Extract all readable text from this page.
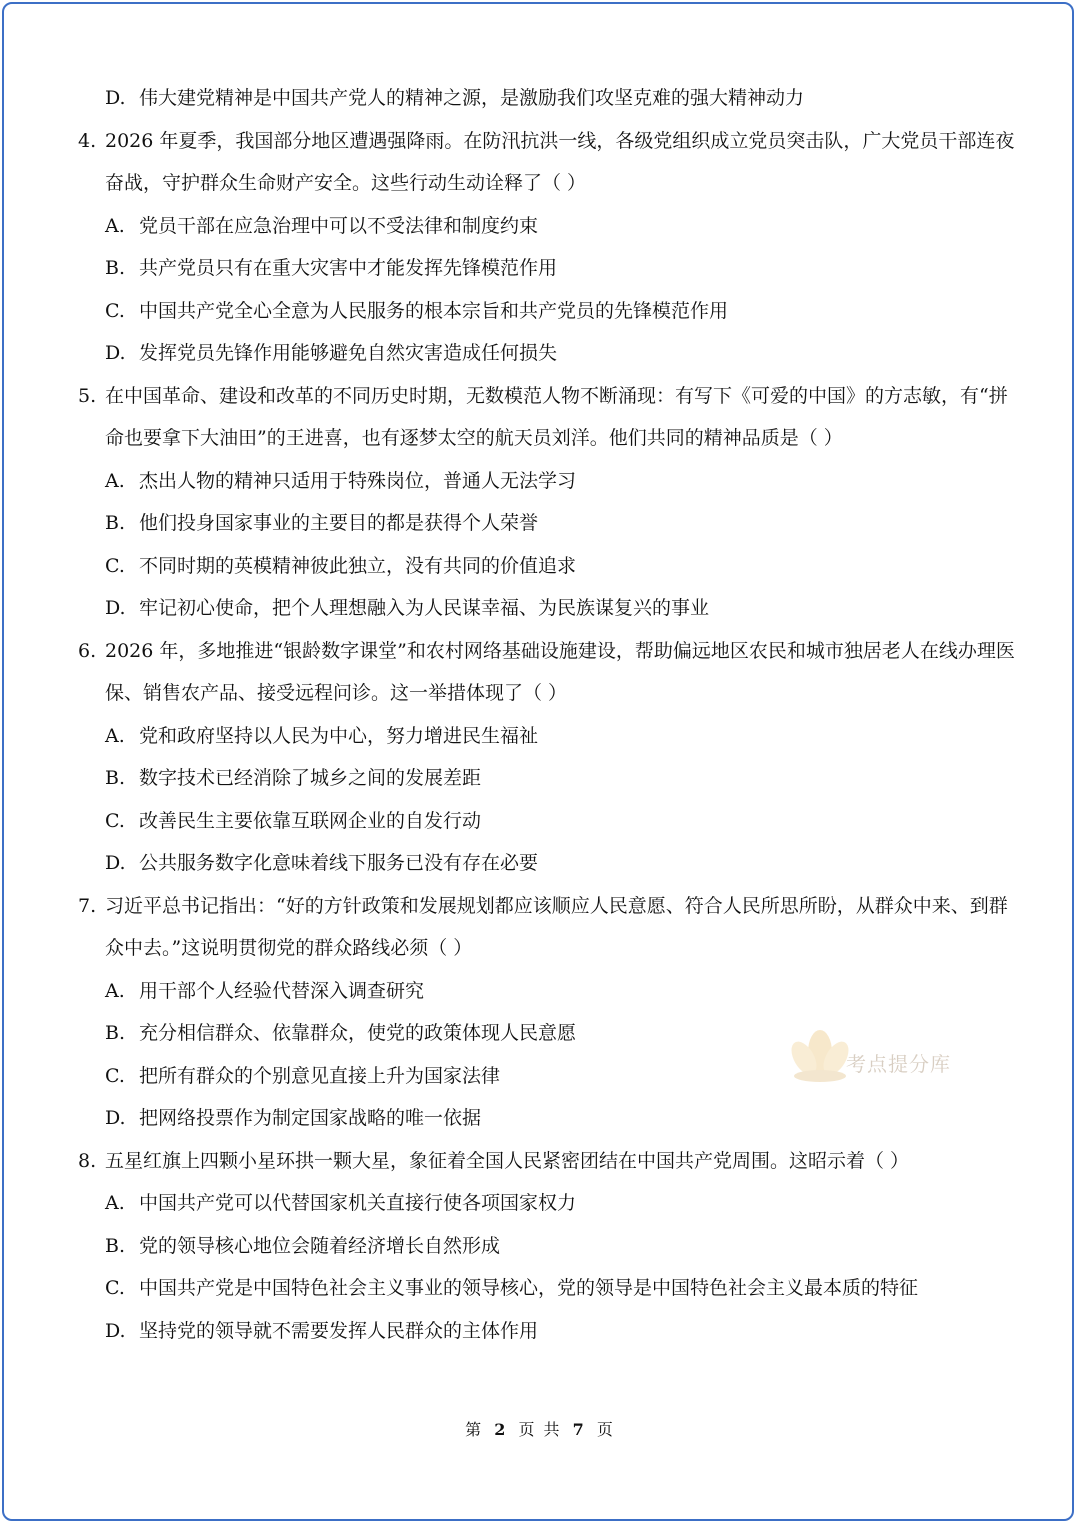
D. 伟大建党精神是中国共产党人的精神之源，是激励我们攻坚克难的强大精神动力
4. 2026 年夏季，我国部分地区遭遇强降雨。在防汛抗洪一线，各级党组织成立党员突击队，广大党员干部连夜
奋战，守护群众生命财产安全。这些行动生动诠释了（ ）
A. 党员干部在应急治理中可以不受法律和制度约束
B. 共产党员只有在重大灾害中才能发挥先锋模范作用
C. 中国共产党全心全意为人民服务的根本宗旨和共产党员的先锋模范作用
D. 发挥党员先锋作用能够避免自然灾害造成任何损失
5. 在中国革命、建设和改革的不同历史时期，无数模范人物不断涌现：有写下《可爱的中国》的方志敏，有“拼
命也要拿下大油田”的王进喜，也有逐梦太空的航天员刘洋。他们共同的精神品质是（ ）
A. 杰出人物的精神只适用于特殊岗位，普通人无法学习
B. 他们投身国家事业的主要目的都是获得个人荣誉
C. 不同时期的英模精神彼此独立，没有共同的价值追求
D. 牢记初心使命，把个人理想融入为人民谋幸福、为民族谋复兴的事业
6. 2026 年，多地推进“银龄数字课堂”和农村网络基础设施建设，帮助偏远地区农民和城市独居老人在线办理医
保、销售农产品、接受远程问诊。这一举措体现了（ ）
A. 党和政府坚持以人民为中心，努力增进民生福祉
B. 数字技术已经消除了城乡之间的发展差距
C. 改善民生主要依靠互联网企业的自发行动
D. 公共服务数字化意味着线下服务已没有存在必要
7. 习近平总书记指出：“好的方针政策和发展规划都应该顺应人民意愿、符合人民所思所盼，从群众中来、到群
众中去。”这说明贯彻党的群众路线必须（ ）
A. 用干部个人经验代替深入调查研究
B. 充分相信群众、依靠群众，使党的政策体现人民意愿
C. 把所有群众的个别意见直接上升为国家法律
D. 把网络投票作为制定国家战略的唯一依据
8. 五星红旗上四颗小星环拱一颗大星，象征着全国人民紧密团结在中国共产党周围。这昭示着（ ）
A. 中国共产党可以代替国家机关直接行使各项国家权力
B. 党的领导核心地位会随着经济增长自然形成
C. 中国共产党是中国特色社会主义事业的领导核心，党的领导是中国特色社会主义最本质的特征
D. 坚持党的领导就不需要发挥人民群众的主体作用
考点提分库
第 2 页 共 7 页
